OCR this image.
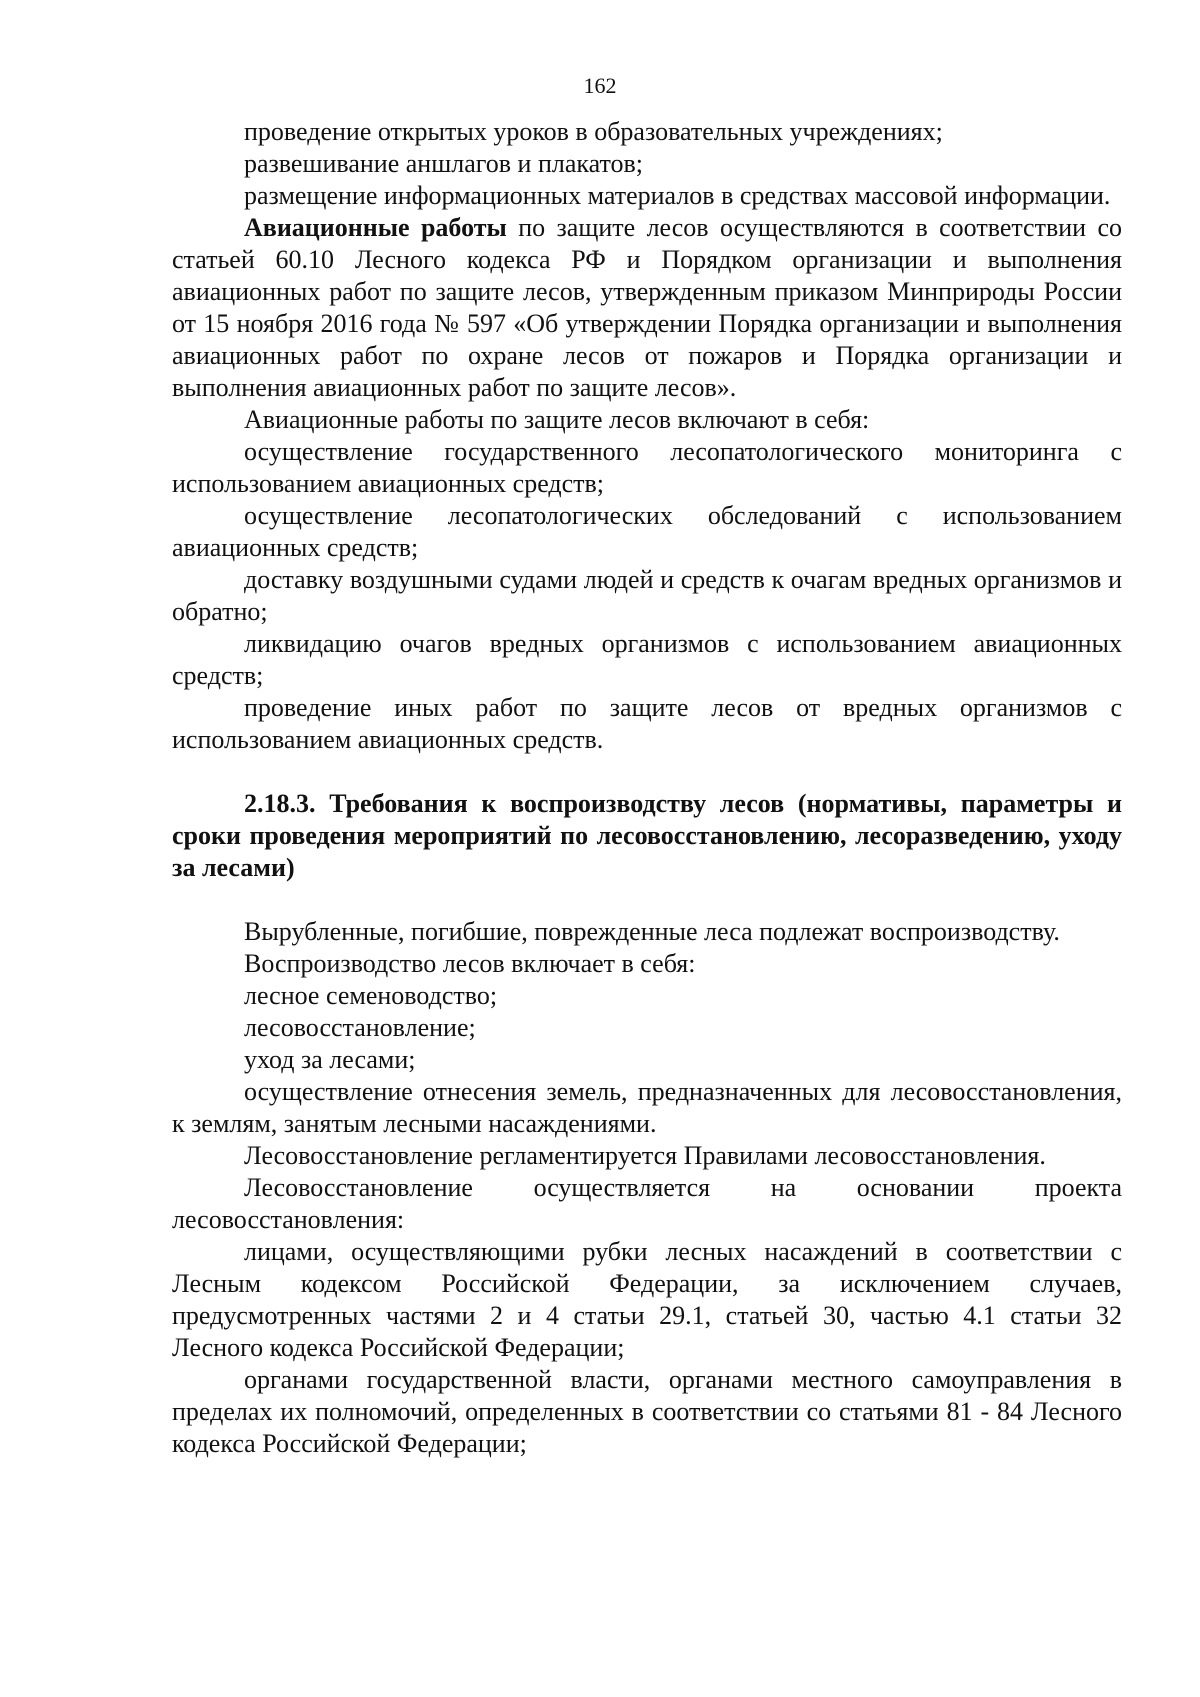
162

проведение открытых уроков в образовательных учреждениях;

развешивание аншлагов и плакатов;

размещение информационных материалов в средствах массовой информации.

Авиационные работы по защите лесов осуществляются в соответствии со статьей 60.10 Лесного кодекса РФ и Порядком организации и выполнения авиационных работ по защите лесов, утвержденным приказом Минприроды России от 15 ноября 2016 года № 597 «Об утверждении Порядка организации и выполнения авиационных работ по охране лесов от пожаров и Порядка организации и выполнения авиационных работ по защите лесов».

Авиационные работы по защите лесов включают в себя:

осуществление государственного лесопатологического мониторинга с использованием авиационных средств;

осуществление лесопатологических обследований с использованием авиационных средств;

доставку воздушными судами людей и средств к очагам вредных организмов и обратно;

ликвидацию очагов вредных организмов с использованием авиационных средств;

проведение иных работ по защите лесов от вредных организмов с использованием авиационных средств.

2.18.3. Требования к воспроизводству лесов (нормативы, параметры и сроки проведения мероприятий по лесовосстановлению, лесоразведению, уходу за лесами)

Вырубленные, погибшие, поврежденные леса подлежат воспроизводству.

Воспроизводство лесов включает в себя:

лесное семеноводство;

лесовосстановление;

уход за лесами;

осуществление отнесения земель, предназначенных для лесовосстановления, к землям, занятым лесными насаждениями.

Лесовосстановление регламентируется Правилами лесовосстановления.

Лесовосстановление осуществляется на основании проекта лесовосстановления:

лицами, осуществляющими рубки лесных насаждений в соответствии с Лесным кодексом Российской Федерации, за исключением случаев, предусмотренных частями 2 и 4 статьи 29.1, статьей 30, частью 4.1 статьи 32 Лесного кодекса Российской Федерации;

органами государственной власти, органами местного самоуправления в пределах их полномочий, определенных в соответствии со статьями 81 - 84 Лесного кодекса Российской Федерации;
